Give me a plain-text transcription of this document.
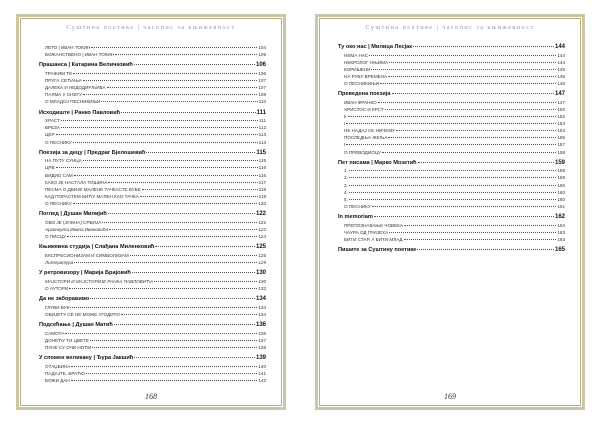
Суштина поетике | часопис за књижевност
ЛЕТО | ИВАН ТОКИН	104
БОЖАНСТВЕНО | ИВАН ТОКИН	105
Прашанса | Катарина Величковић	106
ТРАЖИМ ТЕ	106
ПРУГА СЕЋАЊА	107
ДАЛЕКА И НЕДОДИРЉИВА	107
ПАЛМА У СНЕГУ	108
О МЛАДОЈ ПЕСНИКИЊИ	110
Исходиште | Ранко Павловић	111
ХРАСТ	111
БРЕЗА	112
ЦЕР	113
О ПЕСНИКУ	113
Поезија за децу | Предраг Бјелошевић	115
НА ПУТУ СУНЦА	115
ЦРВ	116
ВИДИО САМ	116
КАКО ЈЕ НАСТАЛА ТИШИНА	117
ПЕСМА О ДВИЈЕ МАЛЕНЕ ТАЧКАСТЕ БУБЕ	118
КАД ПОРАСТЕМ БИЋУ МАЛЕН КАО ТАЧКА	119
О ПЕСНИКУ	120
Поглед | Душан Милијић	122
ОВО ЈЕ (ЈУЖНА) СРБИЈА	122
Аргонаути Ивана Ивановића	122
О ПИСЦУ	124
Књижевна студија | Слађана Миленковић	125
ЕКСПРЕСИОНИЗАМ И СИМБОЛИЗАМ	125
Литература	129
У ретровизору | Марија Брајовић	130
МАЈСТОРИ И МАЈСТОРИЈЕ РАНКА ПАВЛОВИЋА	130
О АУТОРИ	133
Да не заборавимо	134
ГЛУВИ ВУК	134
ОВИЈЕТУ СЕ НЕ МОЖЕ УГОДИТИ	134
Подсећање | Душан Матић	136
САМОТА	136
ДОНЕЋУ ТИ ЦВЕТЕ	137
ПУНЕ СУ ОЧИ НОЋИ	138
У спомен великану | Ђура Јакшић	139
ОТАЏБИНА	140
ПАДАЈТЕ, БРАЋО	141
БОЖИ ДАН	142
168
Суштина поетике | часопис за књижевност
Ту око нас | Милица Лесјак	144
НЕМА НАС	144
НЕКРОЛОГ НЊИМА	144
КОРИШЕНИ	145
НА РУБУ ВРЕМЕНА	145
О ПЕСНИКИЊИ	146
Преведена поезија	147
ИВАН ФРАНКО	147
ХРИСТОС И КРСТ	150
II	152
I	153
НЕ НАДАЈ СЕ НИЧЕМУ	154
ПОСЛЕДЊА ЖЕЉА	155
I	157
О ПРЕВОДИОЦУ	158
Пет писама | Марко Мозетић	159
1.	159
2.	159
3.	160
4.	160
5.	160
О ПЕСНИКУ	161
In memoriam	162
ПРЕПОЗНАВАЊЕ ЧОВЕКА	162
ЧАУРА ОД ГРИЈЕХА	163
БИТИ СТАР, А БИТИ МЛАД	164
Пишите за Суштину поетике	165
169
